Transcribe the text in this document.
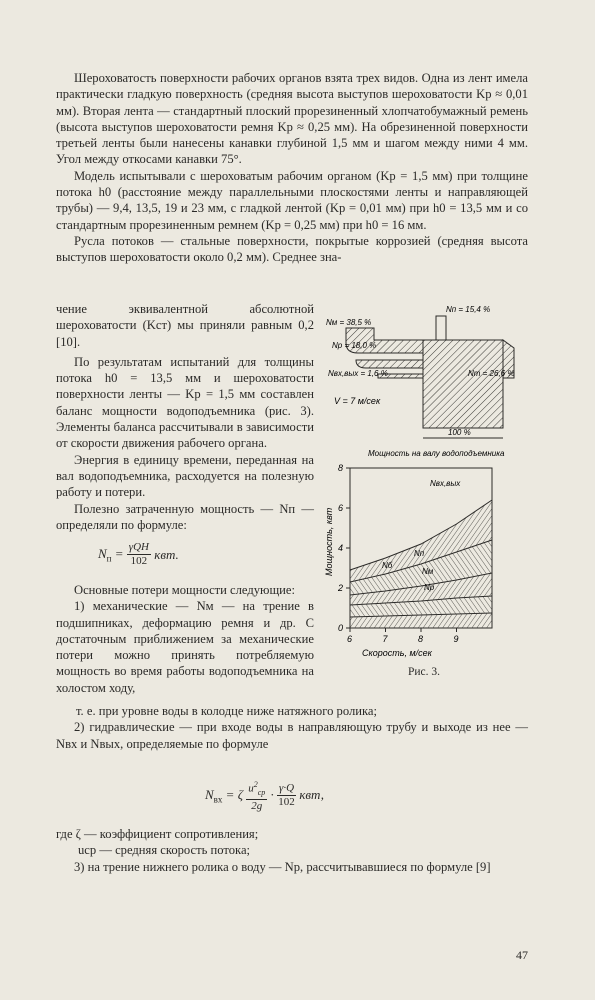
Шероховатость поверхности рабочих органов взята трех видов. Одна из лент имела практически гладкую поверхность (средняя высота выступов шероховатости Kр ≈ 0,01 мм). Вторая лента — стандартный плоский прорезиненный хлопчатобумажный ремень (высота выступов шероховатости ремня Kр ≈ 0,25 мм). На обрезиненной поверхности третьей ленты были нанесены канавки глубиной 1,5 мм и шагом между ними 4 мм. Угол между откосами канавки 75°.

Модель испытывали с шероховатым рабочим органом (Kр = 1,5 мм) при толщине потока h0 (расстояние между параллельными плоскостями ленты и направляющей трубы) — 9,4, 13,5, 19 и 23 мм, с гладкой лентой (Kр = 0,01 мм) при h0 = 13,5 мм и со стандартным прорезиненным ремнем (Kр = 0,25 мм) при h0 = 16 мм.

Русла потоков — стальные поверхности, покрытые коррозией (средняя высота выступов шероховатости около 0,2 мм). Среднее зна-

чение эквивалентной абсолютной шероховатости (Kст) мы приняли равным 0,2 [10].

По результатам испытаний для толщины потока h0 = 13,5 мм и шероховатости поверхности ленты — Kр = 1,5 мм составлен баланс мощности водоподъемника (рис. 3). Элементы баланса рассчитывали в зависимости от скорости движения рабочего органа.

Энергия в единицу времени, переданная на вал водоподъемника, расходуется на полезную работу и потери.

Полезно затраченную мощность — Nп — определяли по формуле:

$N_п = \gamma QH$
102 квт.

Основные потери мощности следующие:

1) механические — Nм — на трение в подшипниках, деформацию ремня и др. С достаточным приближением за механические потери можно принять потребляемую мощность во время работы водоподъемника на холостом ходу,

т. е. при уровне воды в колодце ниже натяжного ролика;

2) гидравлические — при входе воды в направляющую трубу и выходе из нее — Nвх и Nвых, определяемые по формуле

$N_{вх} = \zeta$ $u^2_{ср}$
2g
· $\frac{\gamma\cdot Q}{102}$ квт,

где ζ — коэффициент сопротивления;

uср — средняя скорость потока;

3) на трение нижнего ролика о воду — Nр, рассчитывавшиеся по формуле [9]

Nп = 15,4 %
Nм = 38,5 %
Nр = 18,0 %
Nвх,вых = 1,6 %	Nт = 26,6 %
V = 7 м/сек
100 %
Мощность на валу водоподъемника
6	7	8	9
0
2
4
6
8
Скорость, м/сек
Мощность, квт
Nвх,вых
Nп
Nм
Nр
Nб
Рис. 3.
47
